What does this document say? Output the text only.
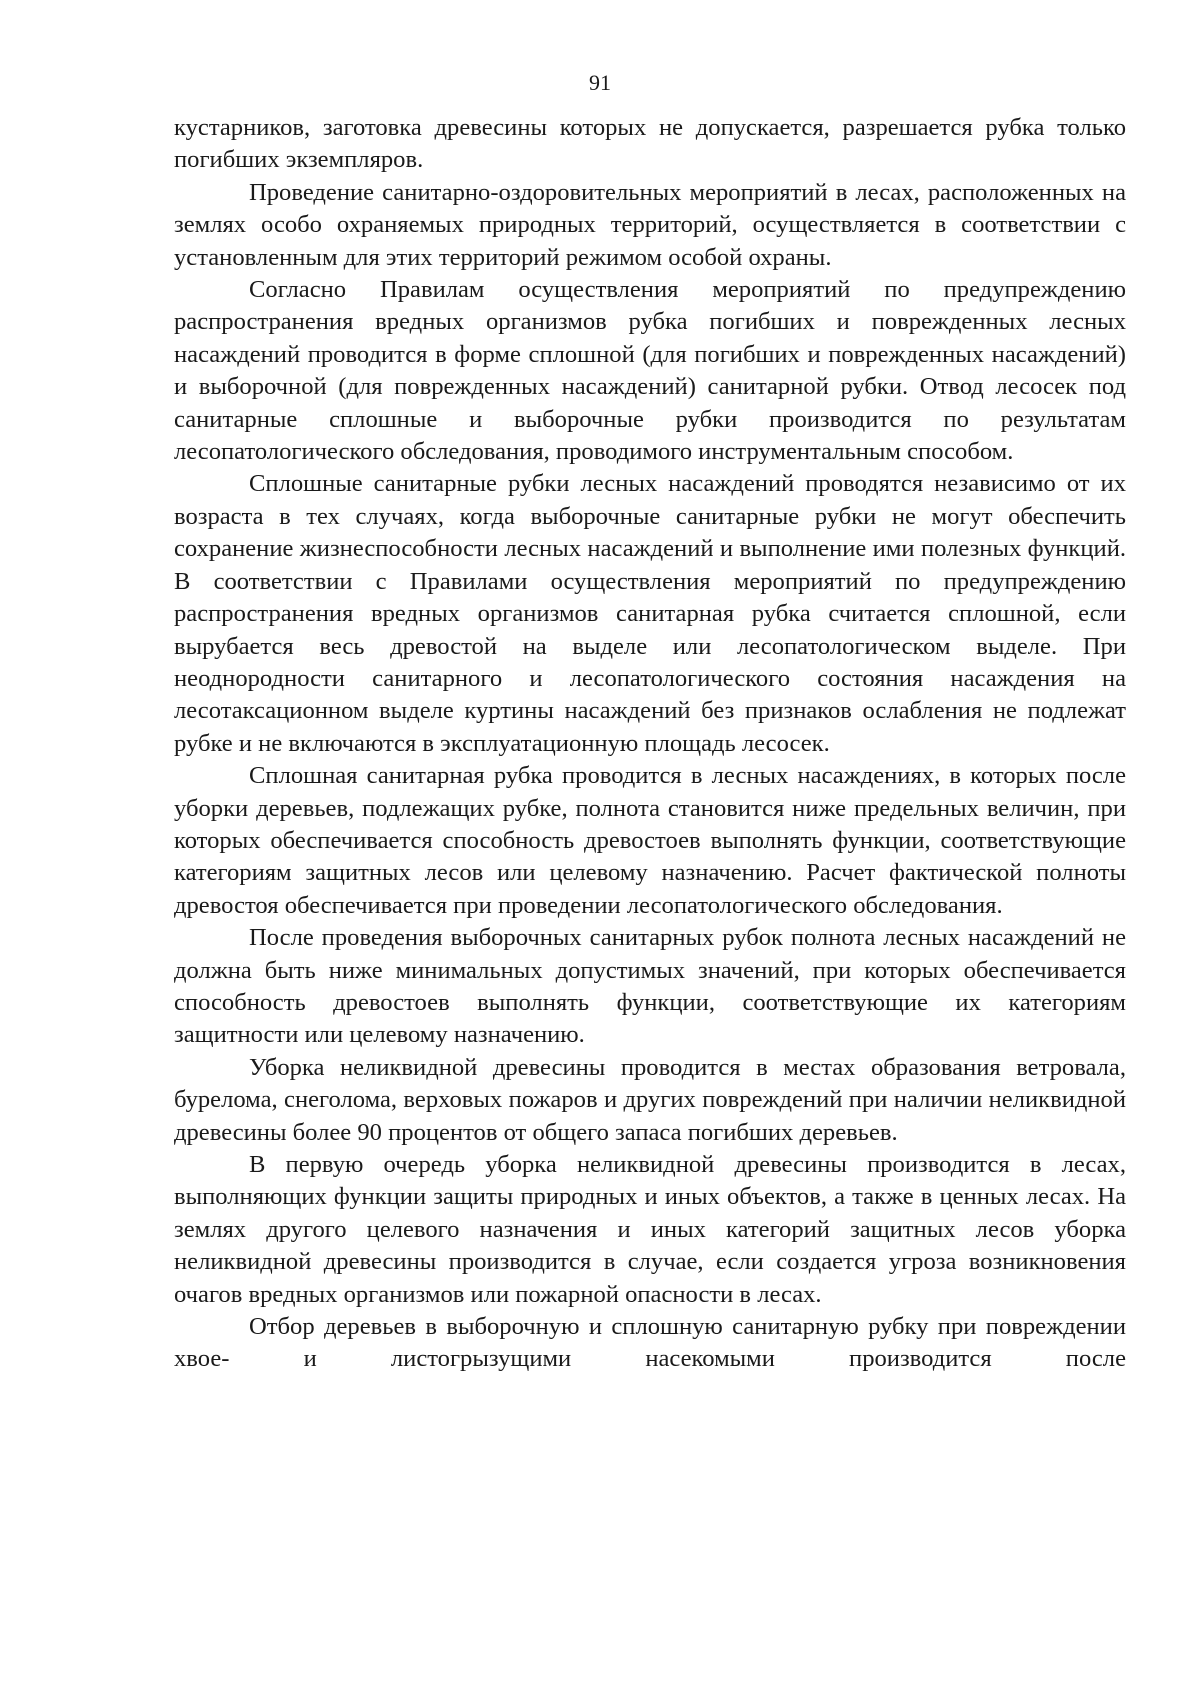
91

кустарников, заготовка древесины которых не допускается, разрешается рубка только погибших экземпляров.

Проведение санитарно-оздоровительных мероприятий в лесах, расположенных на землях особо охраняемых природных территорий, осуществляется в соответствии с установленным для этих территорий режимом особой охраны.

Согласно Правилам осуществления мероприятий по предупреждению распространения вредных организмов рубка погибших и поврежденных лесных насаждений проводится в форме сплошной (для погибших и поврежденных насаждений) и выборочной (для поврежденных насаждений) санитарной рубки. Отвод лесосек под санитарные сплошные и выборочные рубки производится по результатам лесопатологического обследования, проводимого инструментальным способом.

Сплошные санитарные рубки лесных насаждений проводятся независимо от их возраста в тех случаях, когда выборочные санитарные рубки не могут обеспечить сохранение жизнеспособности лесных насаждений и выполнение ими полезных функций. В соответствии с Правилами осуществления мероприятий по предупреждению распространения вредных организмов санитарная рубка считается сплошной, если вырубается весь древостой на выделе или лесопатологическом выделе. При неоднородности санитарного и лесопатологического состояния насаждения на лесотаксационном выделе куртины насаждений без признаков ослабления не подлежат рубке и не включаются в эксплуатационную площадь лесосек.

Сплошная санитарная рубка проводится в лесных насаждениях, в которых после уборки деревьев, подлежащих рубке, полнота становится ниже предельных величин, при которых обеспечивается способность древостоев выполнять функции, соответствующие категориям защитных лесов или целевому назначению. Расчет фактической полноты древостоя обеспечивается при проведении лесопатологического обследования.

После проведения выборочных санитарных рубок полнота лесных насаждений не должна быть ниже минимальных допустимых значений, при которых обеспечивается способность древостоев выполнять функции, соответствующие их категориям защитности или целевому назначению.

Уборка неликвидной древесины проводится в местах образования ветровала, бурелома, снеголома, верховых пожаров и других повреждений при наличии неликвидной древесины более 90 процентов от общего запаса погибших деревьев.

В первую очередь уборка неликвидной древесины производится в лесах, выполняющих функции защиты природных и иных объектов, а также в ценных лесах. На землях другого целевого назначения и иных категорий защитных лесов уборка неликвидной древесины производится в случае, если создается угроза возникновения очагов вредных организмов или пожарной опасности в лесах.

Отбор деревьев в выборочную и сплошную санитарную рубку при повреждении хвое- и листогрызущими насекомыми производится после
